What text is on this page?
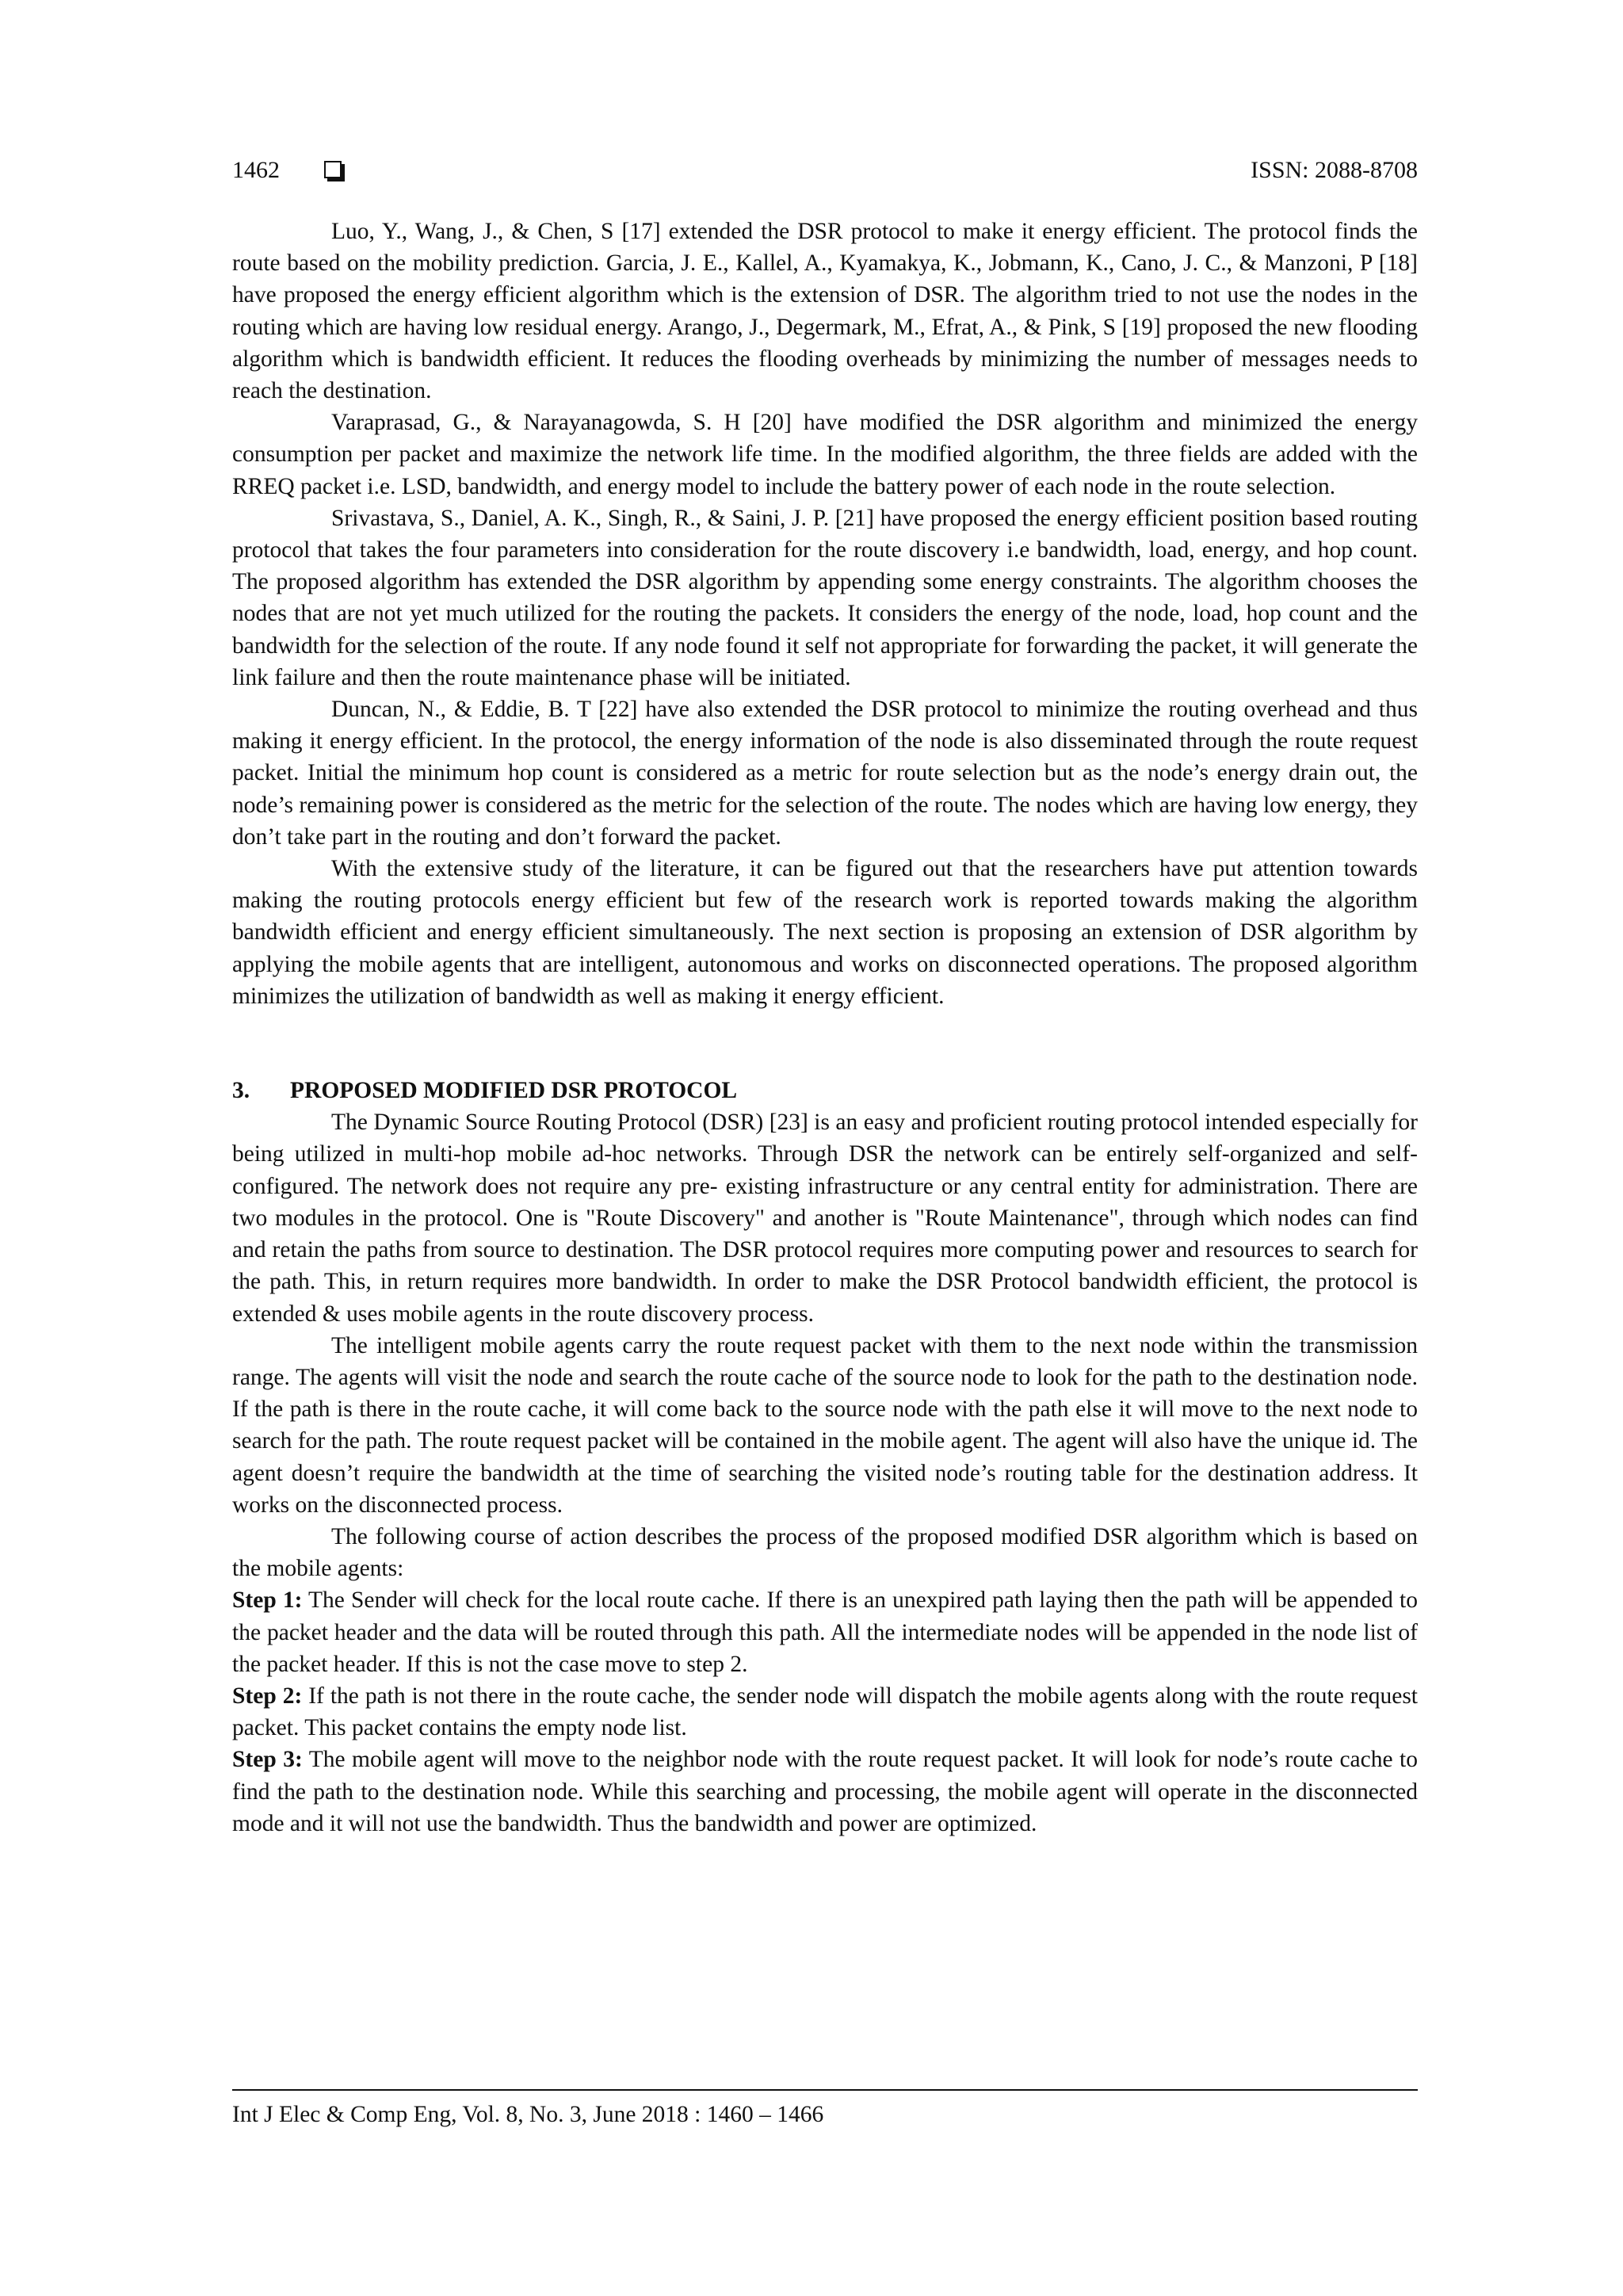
1462	ISSN: 2088-8708

Luo, Y., Wang, J., & Chen, S [17] extended the DSR protocol to make it energy efficient. The protocol finds the route based on the mobility prediction. Garcia, J. E., Kallel, A., Kyamakya, K., Jobmann, K., Cano, J. C., & Manzoni, P [18] have proposed the energy efficient algorithm which is the extension of DSR. The algorithm tried to not use the nodes in the routing which are having low residual energy. Arango, J., Degermark, M., Efrat, A., & Pink, S [19] proposed the new flooding algorithm which is bandwidth efficient. It reduces the flooding overheads by minimizing the number of messages needs to reach the destination.

Varaprasad, G., & Narayanagowda, S. H [20] have modified the DSR algorithm and minimized the energy consumption per packet and maximize the network life time. In the modified algorithm, the three fields are added with the RREQ packet i.e. LSD, bandwidth, and energy model to include the battery power of each node in the route selection.

Srivastava, S., Daniel, A. K., Singh, R., & Saini, J. P. [21] have proposed the energy efficient position based routing protocol that takes the four parameters into consideration for the route discovery i.e bandwidth, load, energy, and hop count. The proposed algorithm has extended the DSR algorithm by appending some energy constraints. The algorithm chooses the nodes that are not yet much utilized for the routing the packets. It considers the energy of the node, load, hop count and the bandwidth for the selection of the route. If any node found it self not appropriate for forwarding the packet, it will generate the link failure and then the route maintenance phase will be initiated.

Duncan, N., & Eddie, B. T [22] have also extended the DSR protocol to minimize the routing overhead and thus making it energy efficient. In the protocol, the energy information of the node is also disseminated through the route request packet. Initial the minimum hop count is considered as a metric for route selection but as the node’s energy drain out, the node’s remaining power is considered as the metric for the selection of the route. The nodes which are having low energy, they don’t take part in the routing and don’t forward the packet.

With the extensive study of the literature, it can be figured out that the researchers have put attention towards making the routing protocols energy efficient but few of the research work is reported towards making the algorithm bandwidth efficient and energy efficient simultaneously. The next section is proposing an extension of DSR algorithm by applying the mobile agents that are intelligent, autonomous and works on disconnected operations. The proposed algorithm minimizes the utilization of bandwidth as well as making it energy efficient.

3. PROPOSED MODIFIED DSR PROTOCOL

The Dynamic Source Routing Protocol (DSR) [23] is an easy and proficient routing protocol intended especially for being utilized in multi-hop mobile ad-hoc networks. Through DSR the network can be entirely self-organized and self-configured. The network does not require any pre- existing infrastructure or any central entity for administration. There are two modules in the protocol. One is "Route Discovery" and another is "Route Maintenance", through which nodes can find and retain the paths from source to destination. The DSR protocol requires more computing power and resources to search for the path. This, in return requires more bandwidth. In order to make the DSR Protocol bandwidth efficient, the protocol is extended & uses mobile agents in the route discovery process.

The intelligent mobile agents carry the route request packet with them to the next node within the transmission range. The agents will visit the node and search the route cache of the source node to look for the path to the destination node. If the path is there in the route cache, it will come back to the source node with the path else it will move to the next node to search for the path. The route request packet will be contained in the mobile agent. The agent will also have the unique id. The agent doesn’t require the bandwidth at the time of searching the visited node’s routing table for the destination address. It works on the disconnected process.

The following course of action describes the process of the proposed modified DSR algorithm which is based on the mobile agents:

Step 1: The Sender will check for the local route cache. If there is an unexpired path laying then the path will be appended to the packet header and the data will be routed through this path. All the intermediate nodes will be appended in the node list of the packet header. If this is not the case move to step 2.

Step 2: If the path is not there in the route cache, the sender node will dispatch the mobile agents along with the route request packet. This packet contains the empty node list.

Step 3: The mobile agent will move to the neighbor node with the route request packet. It will look for node’s route cache to find the path to the destination node. While this searching and processing, the mobile agent will operate in the disconnected mode and it will not use the bandwidth. Thus the bandwidth and power are optimized.

Int J Elec & Comp Eng, Vol. 8, No. 3, June 2018 : 1460 – 1466
